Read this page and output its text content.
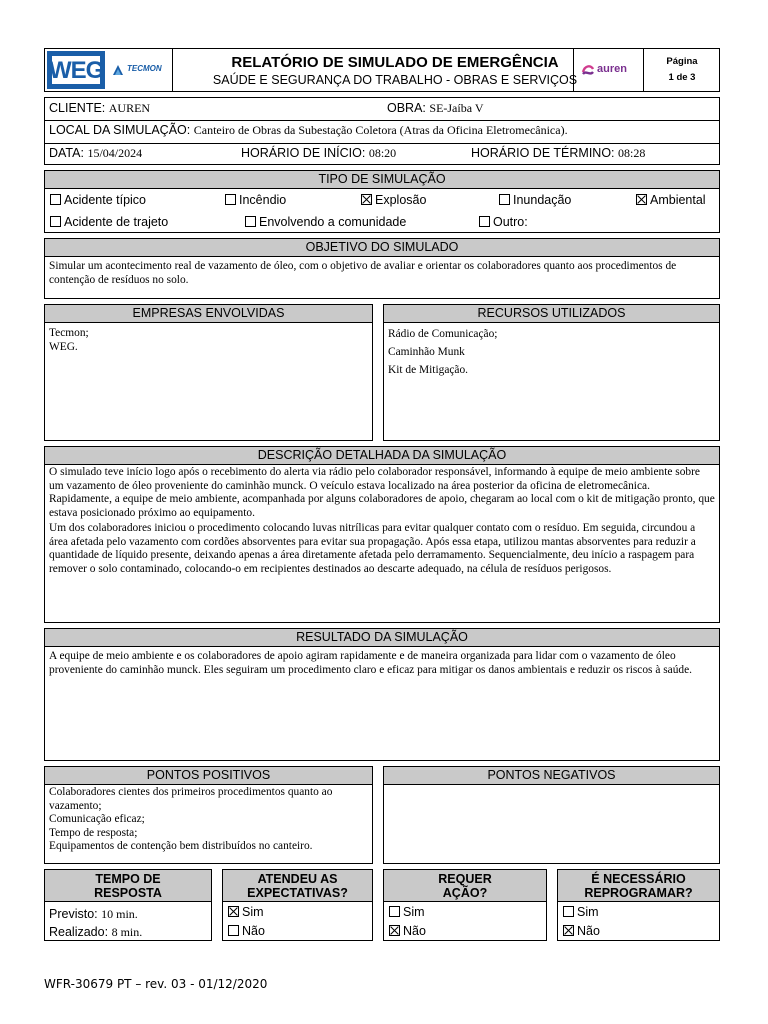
WEG	TECMON	RELATÓRIO DE SIMULADO DE EMERGÊNCIA
SAÚDE E SEGURANÇA DO TRABALHO - OBRAS E SERVIÇOS
auren
Página
1 de 3
CLIENTE: AUREN	OBRA: SE-Jaíba V
LOCAL DA SIMULAÇÃO: Canteiro de Obras da Subestação Coletora (Atras da Oficina Eletromecânica).
DATA: 15/04/2024	HORÁRIO DE INÍCIO: 08:20	HORÁRIO DE TÉRMINO: 08:28
TIPO DE SIMULAÇÃO
Acidente típico	Incêndio	Explosão	Inundação	Ambiental
Acidente de trajeto	Envolvendo a comunidade	Outro:
OBJETIVO DO SIMULADO
Simular um acontecimento real de vazamento de óleo, com o objetivo de avaliar e orientar os colaboradores quanto aos procedimentos de contenção de resíduos no solo.
EMPRESAS ENVOLVIDAS
Tecmon;
WEG.
RECURSOS UTILIZADOS
Rádio de Comunicação;
Caminhão Munk
Kit de Mitigação.
DESCRIÇÃO DETALHADA DA SIMULAÇÃO
O simulado teve início logo após o recebimento do alerta via rádio pelo colaborador responsável, informando à equipe de meio ambiente sobre um vazamento de óleo proveniente do caminhão munck. O veículo estava localizado na área posterior da oficina de eletromecânica. Rapidamente, a equipe de meio ambiente, acompanhada por alguns colaboradores de apoio, chegaram ao local com o kit de mitigação pronto, que estava posicionado próximo ao equipamento.
Um dos colaboradores iniciou o procedimento colocando luvas nitrílicas para evitar qualquer contato com o resíduo. Em seguida, circundou a área afetada pelo vazamento com cordões absorventes para evitar sua propagação. Após essa etapa, utilizou mantas absorventes para reduzir a quantidade de líquido presente, deixando apenas a área diretamente afetada pelo derramamento. Sequencialmente, deu início a raspagem para remover o solo contaminado, colocando-o em recipientes destinados ao descarte adequado, na célula de resíduos perigosos.
RESULTADO DA SIMULAÇÃO
A equipe de meio ambiente e os colaboradores de apoio agiram rapidamente e de maneira organizada para lidar com o vazamento de óleo proveniente do caminhão munck. Eles seguiram um procedimento claro e eficaz para mitigar os danos ambientais e reduzir os riscos à saúde.
PONTOS POSITIVOS
Colaboradores cientes dos primeiros procedimentos quanto ao vazamento;
Comunicação eficaz;
Tempo de resposta;
Equipamentos de contenção bem distribuídos no canteiro.
PONTOS NEGATIVOS
TEMPO DE
RESPOSTA
Previsto: 10 min.
Realizado: 8 min.
ATENDEU AS
EXPECTATIVAS?
Sim
Não
REQUER
AÇÃO?
Sim
Não
É NECESSÁRIO
REPROGRAMAR?
Sim
Não
WFR-30679 PT – rev. 03 - 01/12/2020
